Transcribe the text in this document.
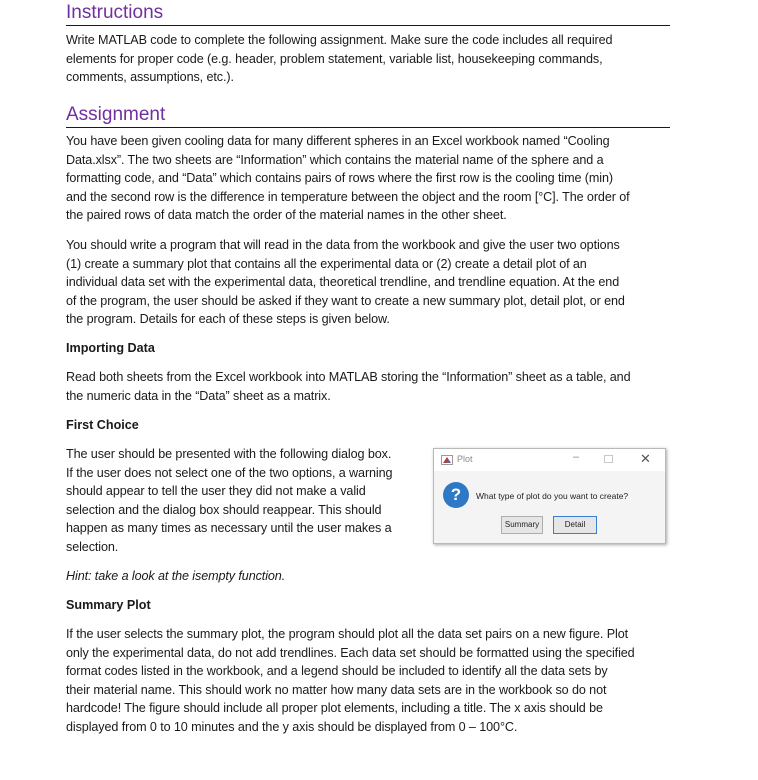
Instructions
Write MATLAB code to complete the following assignment. Make sure the code includes all required
elements for proper code (e.g. header, problem statement, variable list, housekeeping commands,
comments, assumptions, etc.).
Assignment
You have been given cooling data for many different spheres in an Excel workbook named “Cooling
Data.xlsx”. The two sheets are “Information” which contains the material name of the sphere and a
formatting code, and “Data” which contains pairs of rows where the first row is the cooling time (min)
and the second row is the difference in temperature between the object and the room [°C]. The order of
the paired rows of data match the order of the material names in the other sheet.
You should write a program that will read in the data from the workbook and give the user two options
(1) create a summary plot that contains all the experimental data or (2) create a detail plot of an
individual data set with the experimental data, theoretical trendline, and trendline equation. At the end
of the program, the user should be asked if they want to create a new summary plot, detail plot, or end
the program. Details for each of these steps is given below.
Importing Data
Read both sheets from the Excel workbook into MATLAB storing the “Information” sheet as a table, and
the numeric data in the “Data” sheet as a matrix.
First Choice
The user should be presented with the following dialog box.
If the user does not select one of the two options, a warning
should appear to tell the user they did not make a valid
selection and the dialog box should reappear. This should
happen as many times as necessary until the user makes a
selection.
Hint: take a look at the isempty function.
Plot	–	✕
?	What type of plot do you want to create?
Summary	Detail
Summary Plot
If the user selects the summary plot, the program should plot all the data set pairs on a new figure. Plot
only the experimental data, do not add trendlines. Each data set should be formatted using the specified
format codes listed in the workbook, and a legend should be included to identify all the data sets by
their material name. This should work no matter how many data sets are in the workbook so do not
hardcode! The figure should include all proper plot elements, including a title. The x axis should be
displayed from 0 to 10 minutes and the y axis should be displayed from 0 – 100°C.
